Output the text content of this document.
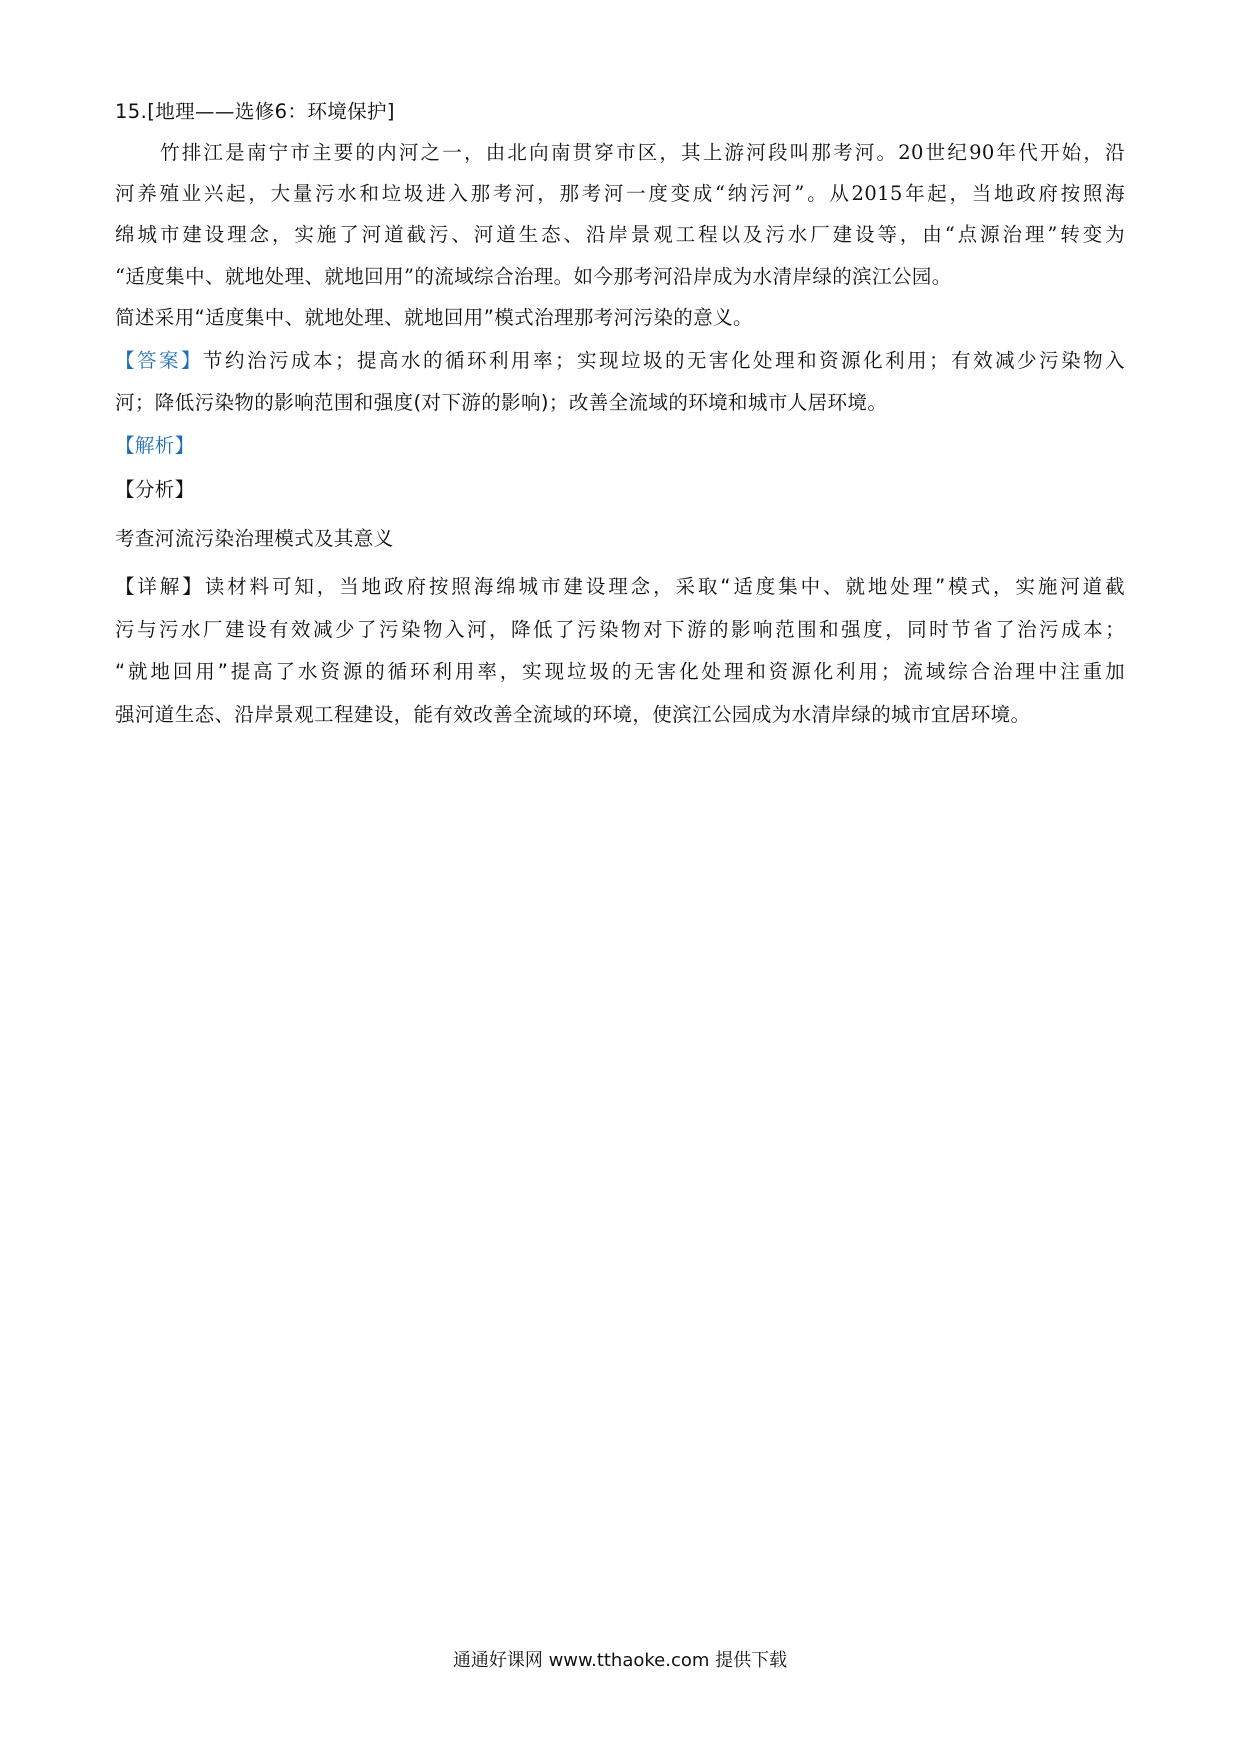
15.[地理——选修6：环境保护]
竹排江是南宁市主要的内河之一，由北向南贯穿市区，其上游河段叫那考河。20世纪90年代开始，沿
河养殖业兴起，大量污水和垃圾进入那考河，那考河一度变成“纳污河”。从2015年起，当地政府按照海
绵城市建设理念，实施了河道截污、河道生态、沿岸景观工程以及污水厂建设等，由“点源治理”转变为
“适度集中、就地处理、就地回用”的流域综合治理。如今那考河沿岸成为水清岸绿的滨江公园。
简述采用“适度集中、就地处理、就地回用”模式治理那考河污染的意义。
【答案】节约治污成本；提高水的循环利用率；实现垃圾的无害化处理和资源化利用；有效减少污染物入
河；降低污染物的影响范围和强度(对下游的影响)；改善全流域的环境和城市人居环境。
【解析】
【分析】
考查河流污染治理模式及其意义
【详解】读材料可知，当地政府按照海绵城市建设理念，采取“适度集中、就地处理”模式，实施河道截
污与污水厂建设有效减少了污染物入河，降低了污染物对下游的影响范围和强度，同时节省了治污成本；
“就地回用”提高了水资源的循环利用率，实现垃圾的无害化处理和资源化利用；流域综合治理中注重加
强河道生态、沿岸景观工程建设，能有效改善全流域的环境，使滨江公园成为水清岸绿的城市宜居环境。
通通好课网 www.tthaoke.com 提供下载
